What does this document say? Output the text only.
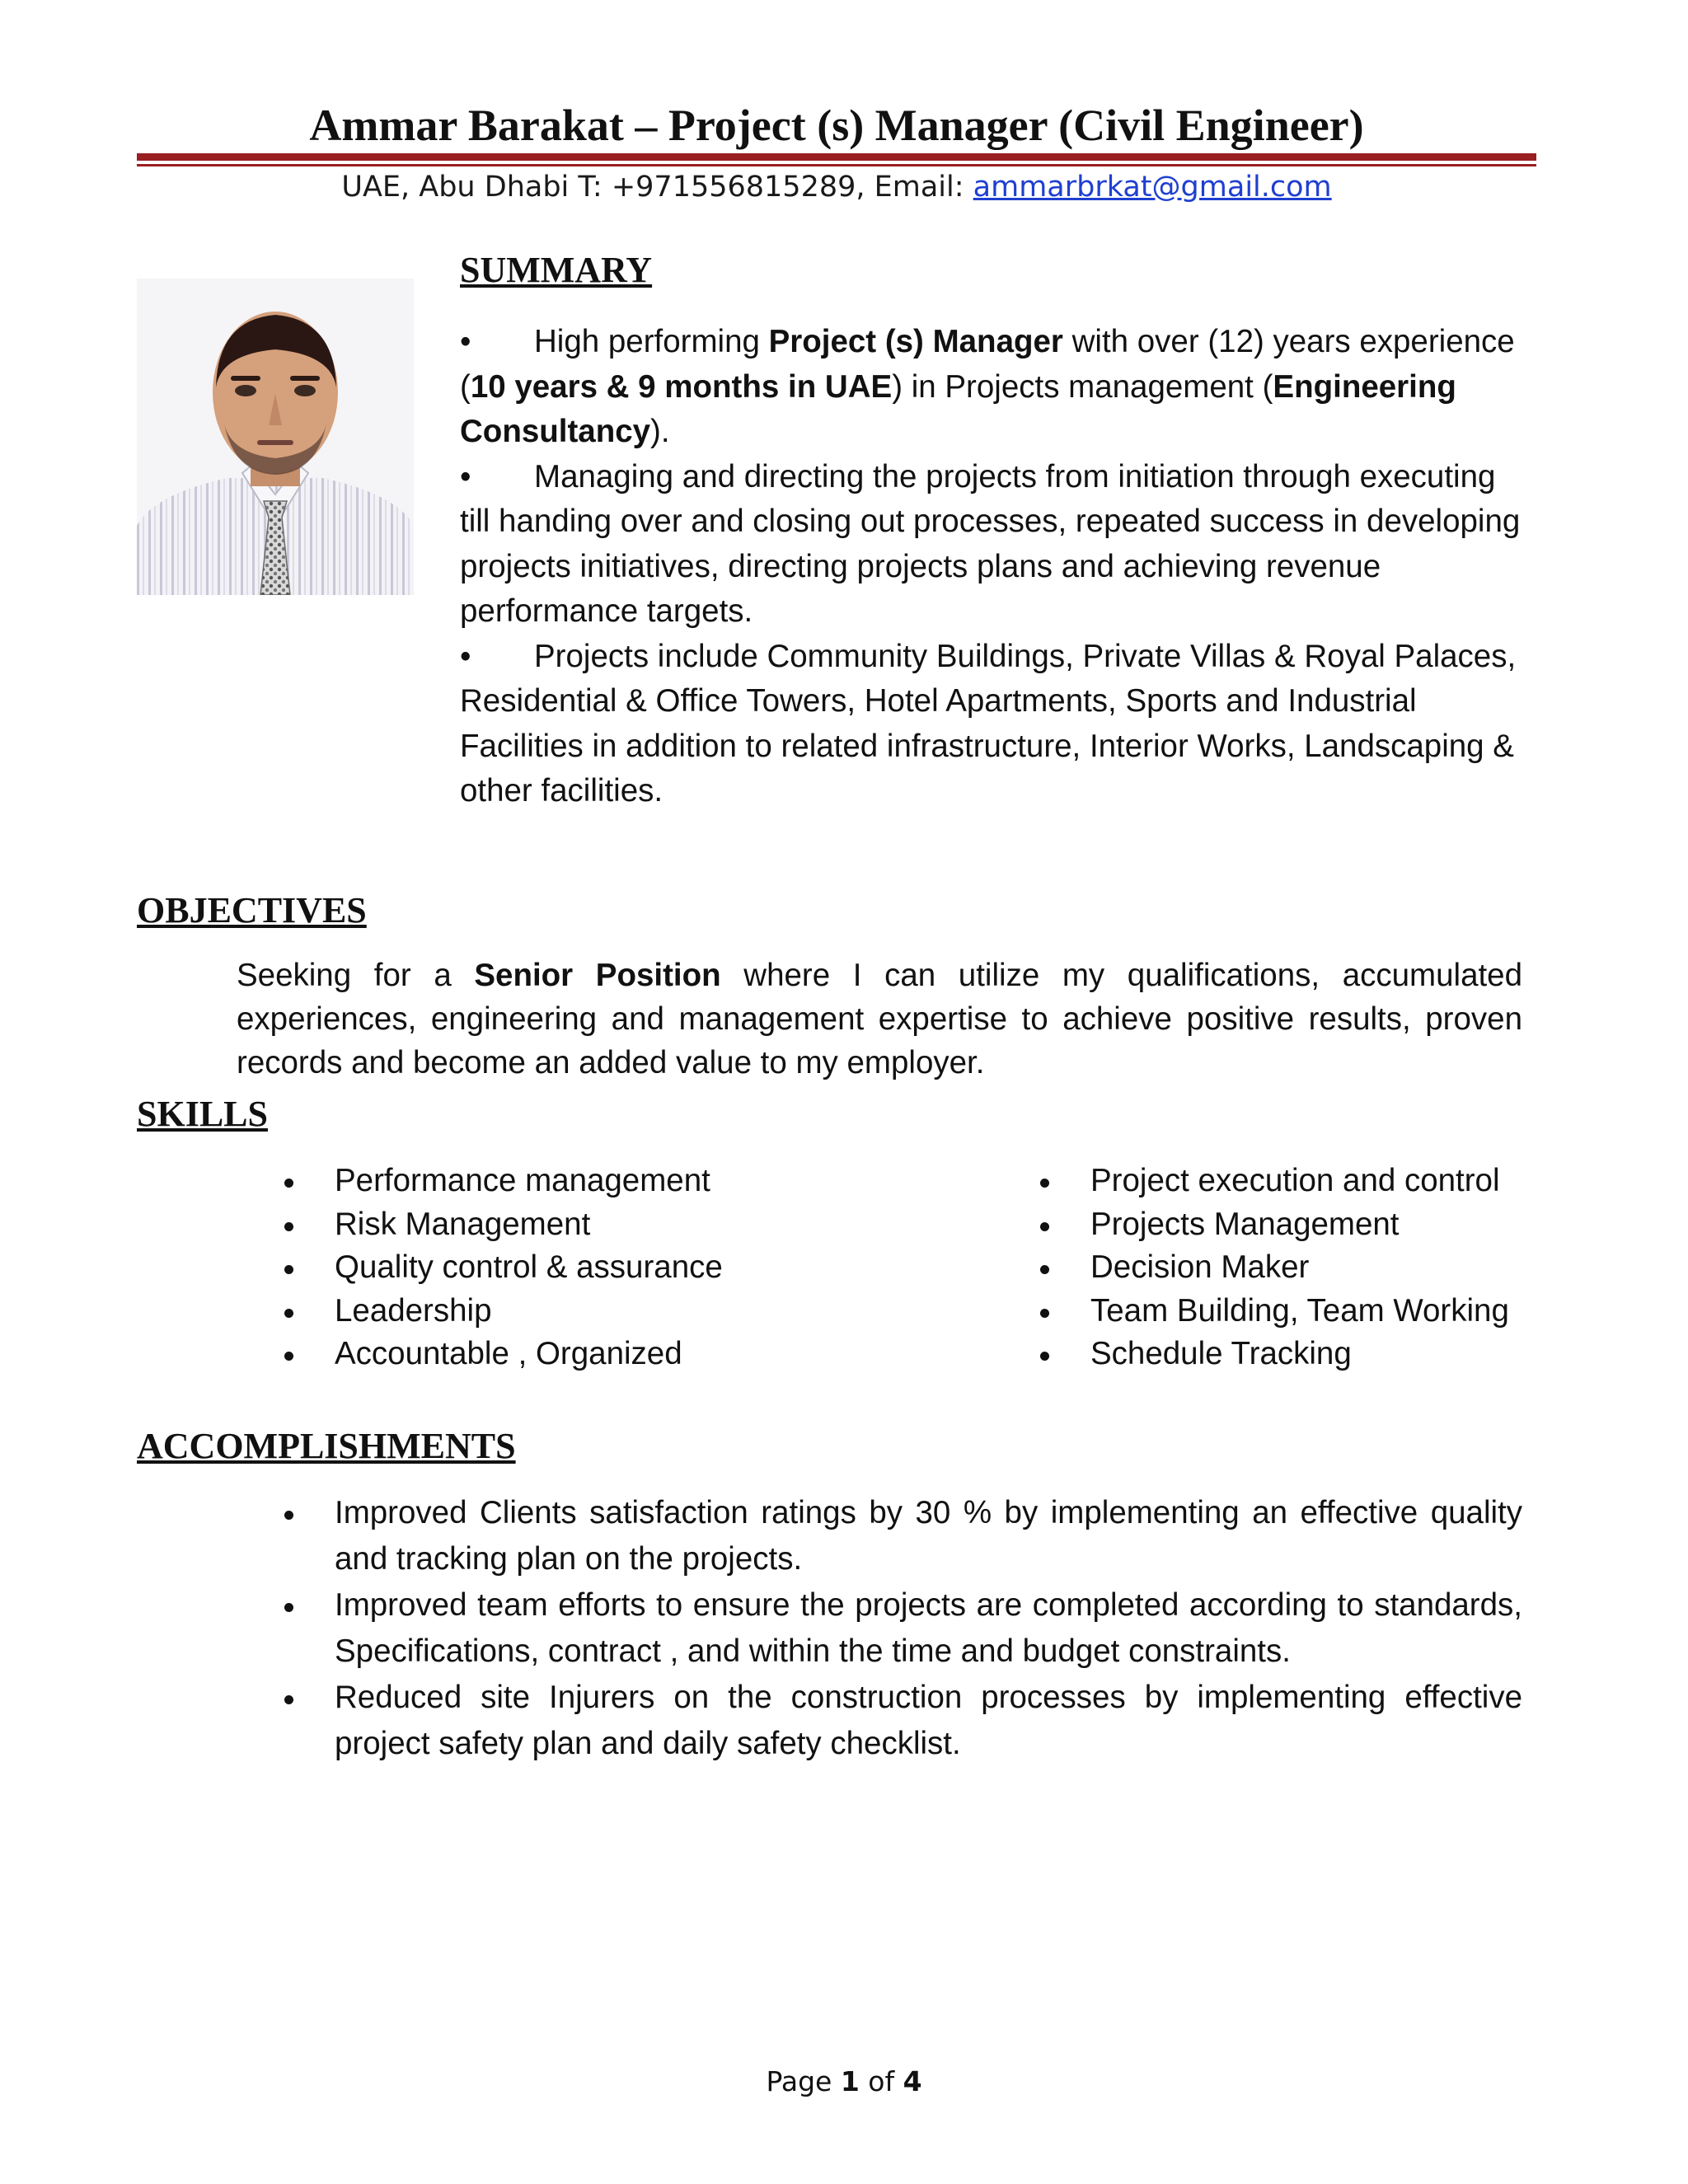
Ammar Barakat – Project (s) Manager (Civil Engineer)
UAE, Abu Dhabi T: +971556815289, Email: ammarbrkat@gmail.com
SUMMARY

• High performing Project (s) Manager with over (12) years experience (10 years & 9 months in UAE) in Projects management (Engineering Consultancy).

• Managing and directing the projects from initiation through executing till handing over and closing out processes, repeated success in developing projects initiatives, directing projects plans and achieving revenue performance targets.

• Projects include Community Buildings, Private Villas & Royal Palaces, Residential & Office Towers, Hotel Apartments, Sports and Industrial Facilities in addition to related infrastructure, Interior Works, Landscaping & other facilities.

OBJECTIVES
Seeking for a Senior Position where I can utilize my qualifications, accumulated experiences, engineering and management expertise to achieve positive results, proven records and become an added value to my employer.
SKILLS
Performance management
Risk Management
Quality control & assurance
Leadership
Accountable , Organized
Project execution and control
Projects Management
Decision Maker
Team Building, Team Working
Schedule Tracking
ACCOMPLISHMENTS
Improved Clients satisfaction ratings by 30 % by implementing an effective quality and tracking plan on the projects.
Improved team efforts to ensure the projects are completed according to standards, Specifications, contract , and within the time and budget constraints.
Reduced site Injurers on the construction processes by implementing effective project safety plan and daily safety checklist.
Page 1 of 4
